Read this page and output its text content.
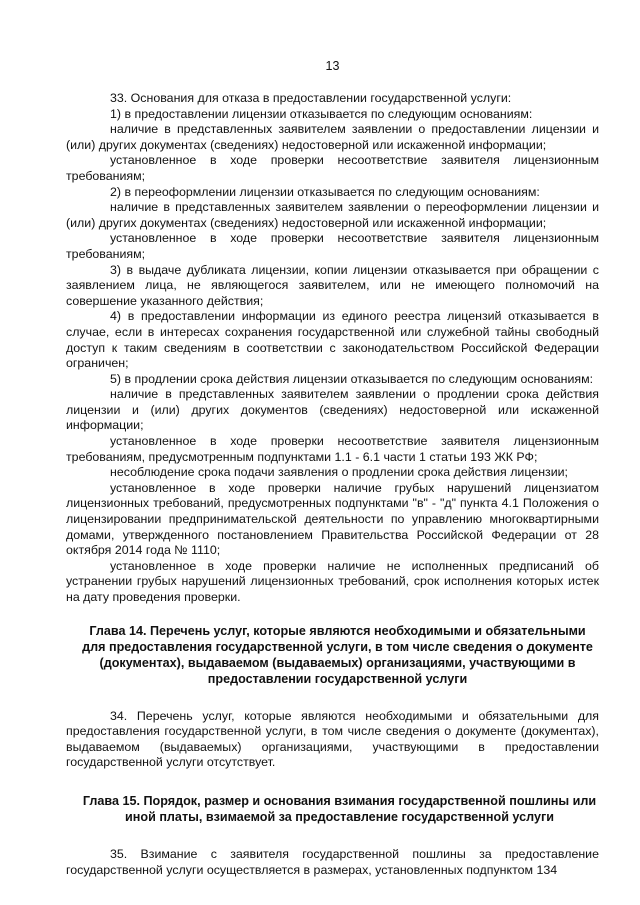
13

33. Основания для отказа в предоставлении государственной услуги:

1) в предоставлении лицензии отказывается по следующим основаниям:

наличие в представленных заявителем заявлении о предоставлении лицензии и (или) других документах (сведениях) недостоверной или искаженной информации;

установленное в ходе проверки несоответствие заявителя лицензионным требованиям;

2) в переоформлении лицензии отказывается по следующим основаниям:

наличие в представленных заявителем заявлении о переоформлении лицензии и (или) других документах (сведениях) недостоверной или искаженной информации;

установленное в ходе проверки несоответствие заявителя лицензионным требованиям;

3) в выдаче дубликата лицензии, копии лицензии отказывается при обращении с заявлением лица, не являющегося заявителем, или не имеющего полномочий на совершение указанного действия;

4) в предоставлении информации из единого реестра лицензий отказывается в случае, если в интересах сохранения государственной или служебной тайны свободный доступ к таким сведениям в соответствии с законодательством Российской Федерации ограничен;

5) в продлении срока действия лицензии отказывается по следующим основаниям:

наличие в представленных заявителем заявлении о продлении срока действия лицензии и (или) других документов (сведениях) недостоверной или искаженной информации;

установленное в ходе проверки несоответствие заявителя лицензионным требованиям, предусмотренным подпунктами 1.1 - 6.1 части 1 статьи 193 ЖК РФ;

несоблюдение срока подачи заявления о продлении срока действия лицензии;

установленное в ходе проверки наличие грубых нарушений лицензиатом лицензионных требований, предусмотренных подпунктами "в" - "д" пункта 4.1 Положения о лицензировании предпринимательской деятельности по управлению многоквартирными домами, утвержденного постановлением Правительства Российской Федерации от 28 октября 2014 года № 1110;

установленное в ходе проверки наличие не исполненных предписаний об устранении грубых нарушений лицензионных требований, срок исполнения которых истек на дату проведения проверки.

Глава 14. Перечень услуг, которые являются необходимыми и обязательными для предоставления государственной услуги, в том числе сведения о документе (документах), выдаваемом (выдаваемых) организациями, участвующими в предоставлении государственной услуги

34. Перечень услуг, которые являются необходимыми и обязательными для предоставления государственной услуги, в том числе сведения о документе (документах), выдаваемом (выдаваемых) организациями, участвующими в предоставлении государственной услуги отсутствует.

Глава 15. Порядок, размер и основания взимания государственной пошлины или иной платы, взимаемой за предоставление государственной услуги

35. Взимание с заявителя государственной пошлины за предоставление государственной услуги осуществляется в размерах, установленных подпунктом 134
